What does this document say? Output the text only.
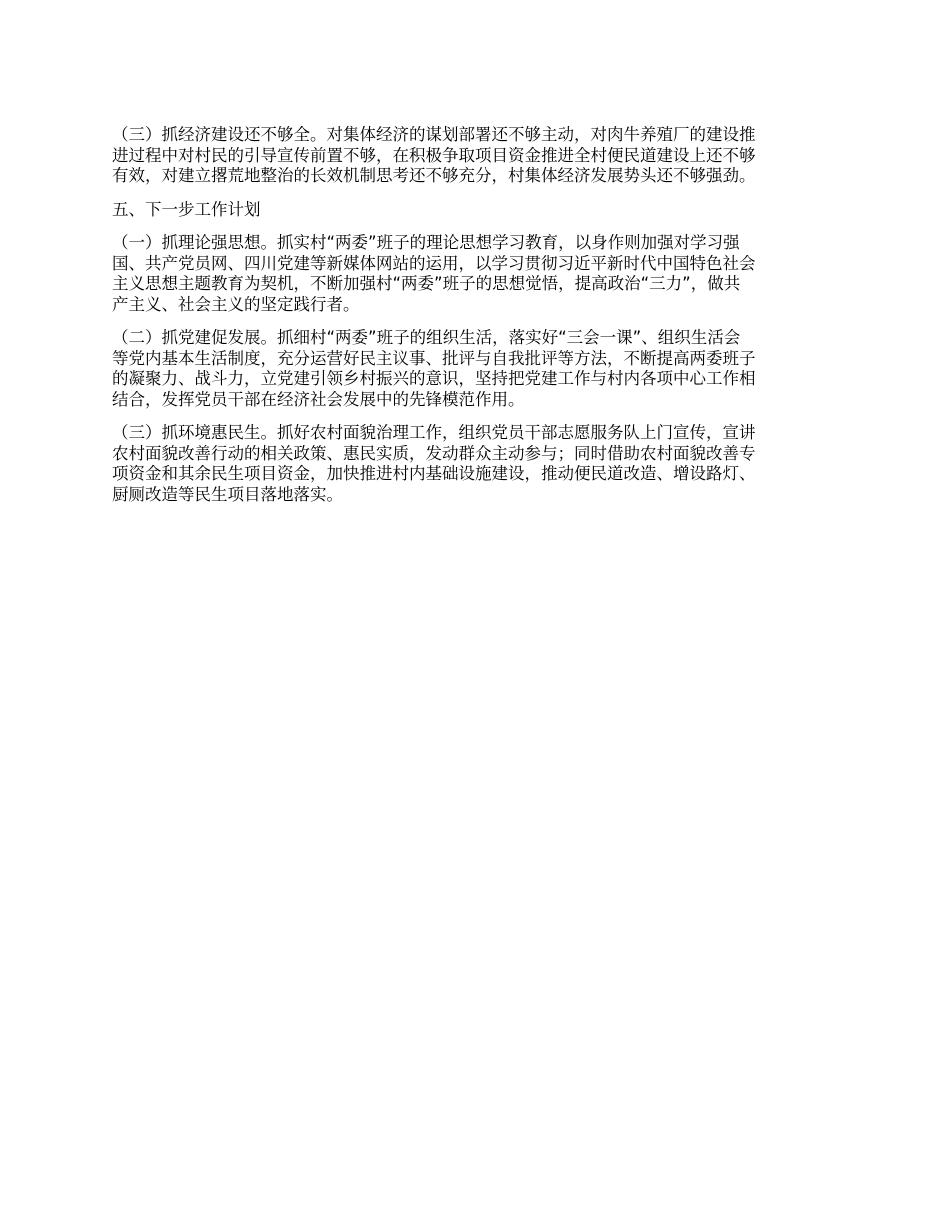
（三）抓经济建设还不够全。对集体经济的谋划部署还不够主动，对肉牛养殖厂的建设推

进过程中对村民的引导宣传前置不够，在积极争取项目资金推进全村便民道建设上还不够

有效，对建立撂荒地整治的长效机制思考还不够充分，村集体经济发展势头还不够强劲。

五、下一步工作计划

（一）抓理论强思想。抓实村“两委”班子的理论思想学习教育，以身作则加强对学习强

国、共产党员网、四川党建等新媒体网站的运用，以学习贯彻习近平新时代中国特色社会

主义思想主题教育为契机，不断加强村“两委”班子的思想觉悟，提高政治“三力”，做共

产主义、社会主义的坚定践行者。

（二）抓党建促发展。抓细村“两委”班子的组织生活，落实好“三会一课”、组织生活会

等党内基本生活制度，充分运营好民主议事、批评与自我批评等方法，不断提高两委班子

的凝聚力、战斗力，立党建引领乡村振兴的意识，坚持把党建工作与村内各项中心工作相

结合，发挥党员干部在经济社会发展中的先锋模范作用。

（三）抓环境惠民生。抓好农村面貌治理工作，组织党员干部志愿服务队上门宣传，宣讲

农村面貌改善行动的相关政策、惠民实质，发动群众主动参与；同时借助农村面貌改善专

项资金和其余民生项目资金，加快推进村内基础设施建设，推动便民道改造、增设路灯、

厨厕改造等民生项目落地落实。
